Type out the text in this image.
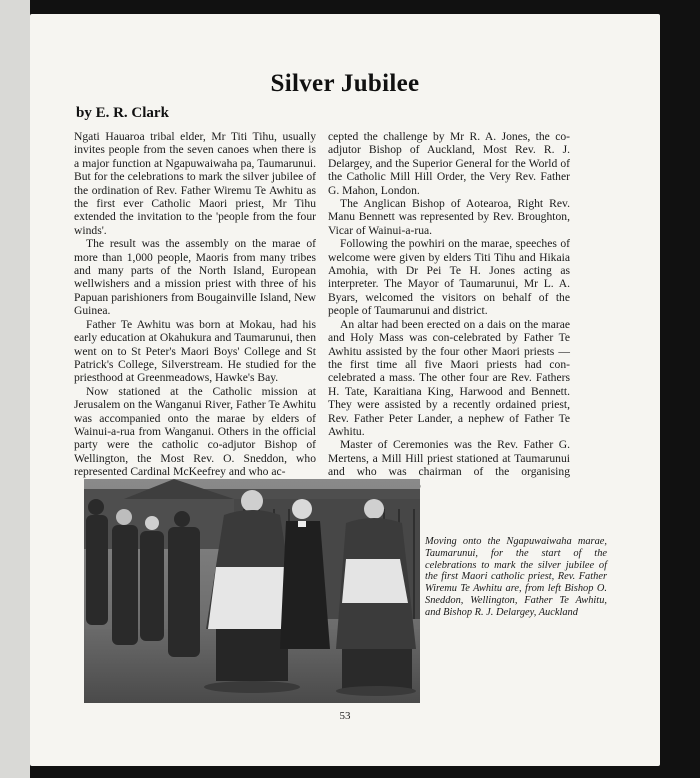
Silver Jubilee
by E. R. Clark

Ngati Hauaroa tribal elder, Mr Titi Tihu, usually invites people from the seven canoes when there is a major function at Ngapuwaiwaha pa, Taumarunui. But for the celebrations to mark the silver jubilee of the ordination of Rev. Father Wiremu Te Awhitu as the first ever Catholic Maori priest, Mr Tihu extended the invitation to the 'people from the four winds'.

The result was the assembly on the marae of more than 1,000 people, Maoris from many tribes and many parts of the North Island, European wellwishers and a mission priest with three of his Papuan parishioners from Bougainville Island, New Guinea.

Father Te Awhitu was born at Mokau, had his early education at Okahukura and Taumarunui, then went on to St Peter's Maori Boys' College and St Patrick's College, Silverstream. He studied for the priesthood at Greenmeadows, Hawke's Bay.

Now stationed at the Catholic mission at Jerusalem on the Wanganui River, Father Te Awhitu was accompanied onto the marae by elders of Wainui-a-rua from Wanganui. Others in the official party were the catholic co-adjutor Bishop of Wellington, the Most Rev. O. Sneddon, who represented Cardinal McKeefrey and who ac-

cepted the challenge by Mr R. A. Jones, the co-adjutor Bishop of Auckland, Most Rev. R. J. Delargey, and the Superior General for the World of the Catholic Mill Hill Order, the Very Rev. Father G. Mahon, London.

The Anglican Bishop of Aotearoa, Right Rev. Manu Bennett was represented by Rev. Broughton, Vicar of Wainui-a-rua.

Following the powhiri on the marae, speeches of welcome were given by elders Titi Tihu and Hikaia Amohia, with Dr Pei Te H. Jones acting as interpreter. The Mayor of Taumarunui, Mr L. A. Byars, welcomed the visitors on behalf of the people of Taumarunui and district.

An altar had been erected on a dais on the marae and Holy Mass was con-celebrated by Father Te Awhitu assisted by the four other Maori priests — the first time all five Maori priests had con-celebrated a mass. The other four are Rev. Fathers H. Tate, Karaitiana King, Harwood and Bennett. They were assisted by a recently ordained priest, Rev. Father Peter Lander, a nephew of Father Te Awhitu.

Master of Ceremonies was the Rev. Father G. Mertens, a Mill Hill priest stationed at Taumarunui and who was chairman of the organising

Moving onto the Ngapuwaiwaha marae, Taumarunui, for the start of the celebrations to mark the silver jubilee of the first Maori catholic priest, Rev. Father Wiremu Te Awhitu are, from left Bishop O. Sneddon, Wellington, Father Te Awhitu, and Bishop R. J. Delargey, Auckland
53
